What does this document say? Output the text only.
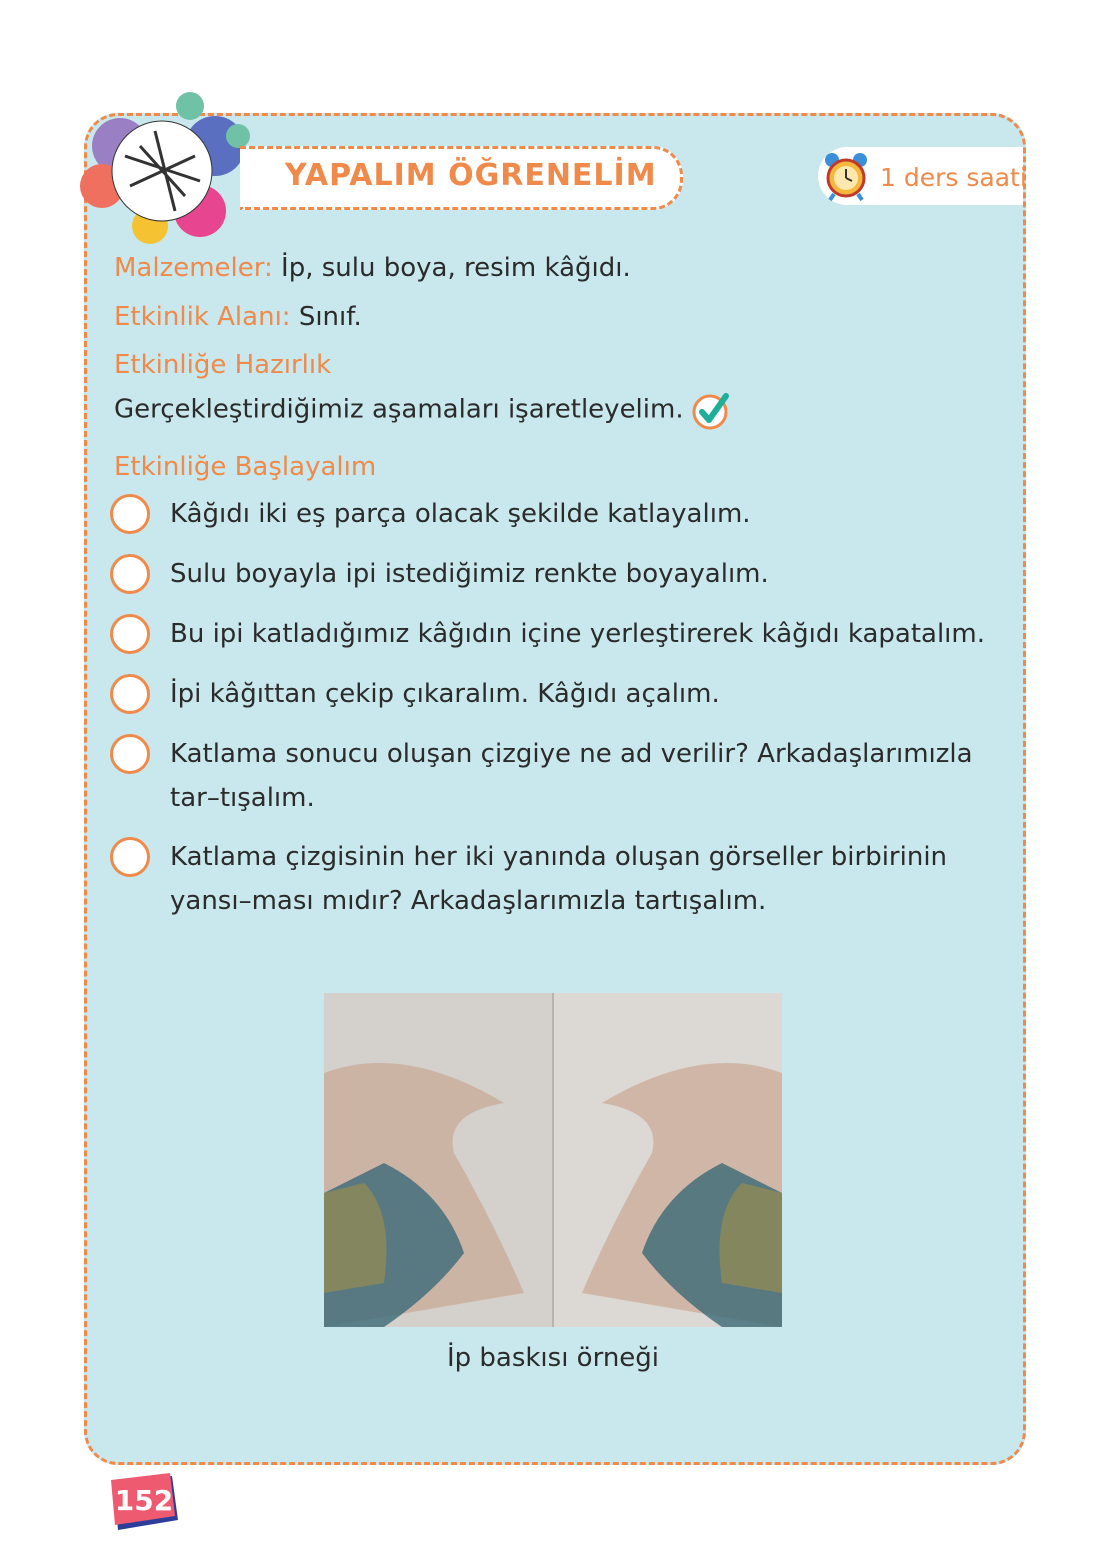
YAPALIM ÖĞRENELİM	1 ders saati
Malzemeler: İp, sulu boya, resim kâğıdı.
Etkinlik Alanı: Sınıf.
Etkinliğe Hazırlık
Gerçekleştirdiğimiz aşamaları işaretleyelim.
Etkinliğe Başlayalım
Kâğıdı iki eş parça olacak şekilde katlayalım.
Sulu boyayla ipi istediğimiz renkte boyayalım.
Bu ipi katladığımız kâğıdın içine yerleştirerek kâğıdı kapatalım.
İpi kâğıttan çekip çıkaralım. Kâğıdı açalım.
Katlama sonucu oluşan çizgiye ne ad verilir? Arkadaşlarımızla tar–tışalım.
Katlama çizgisinin her iki yanında oluşan görseller birbirinin yansı–ması mıdır? Arkadaşlarımızla tartışalım.
İp baskısı örneği
152
